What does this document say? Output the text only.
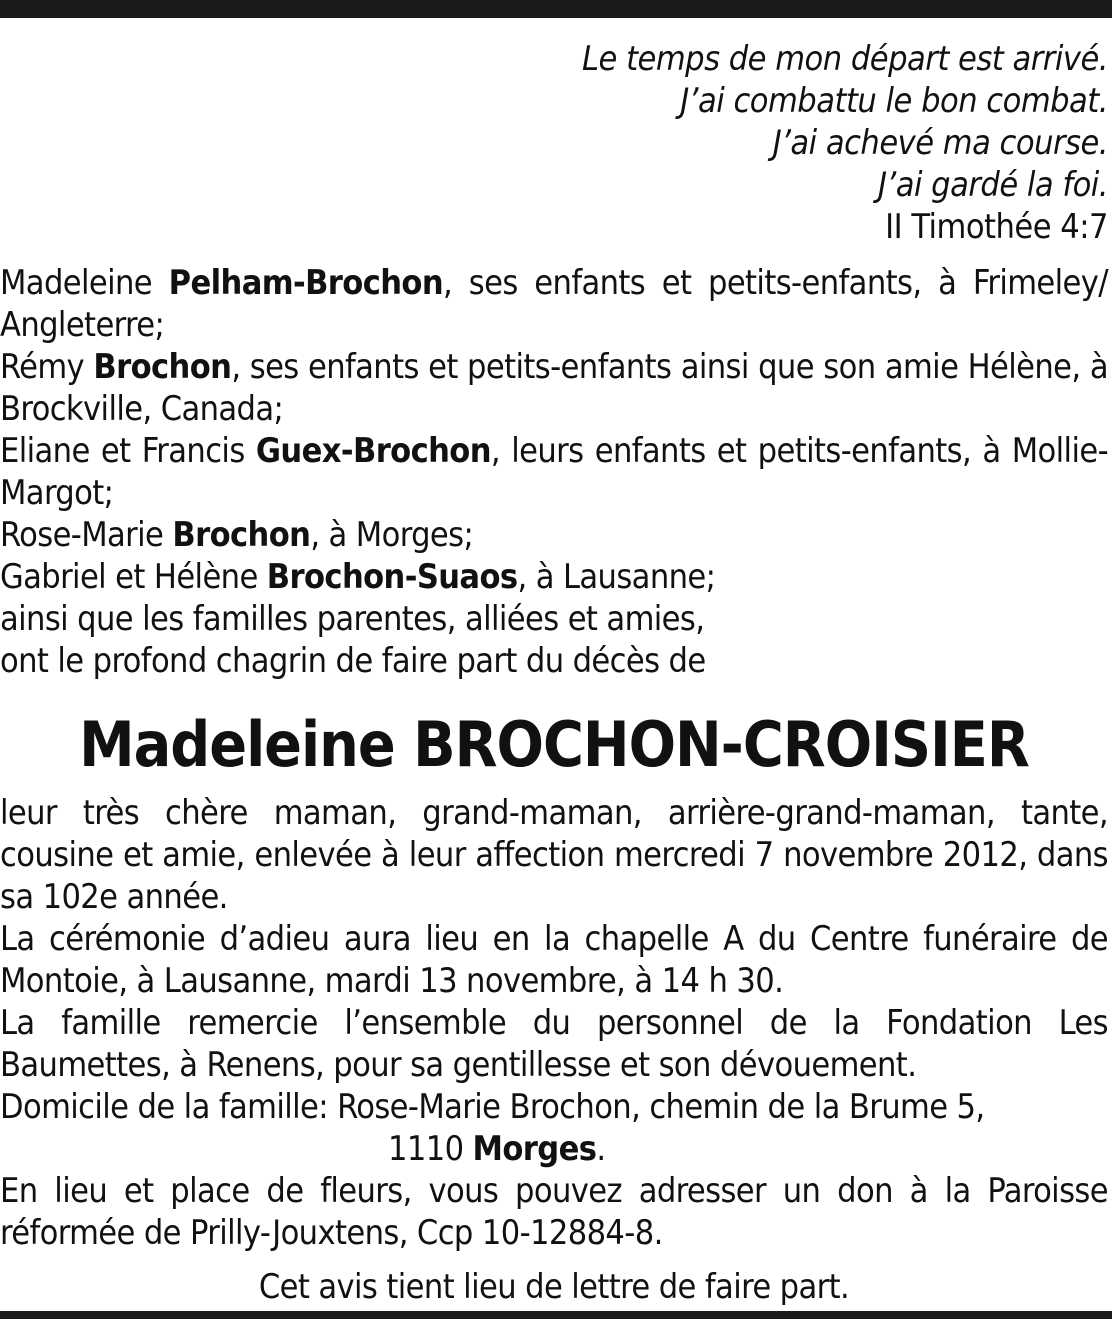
Le temps de mon départ est arrivé.
J’ai combattu le bon combat.
J’ai achevé ma course.
J’ai gardé la foi.
II Timothée 4:7
Madeleine Pelham-Brochon, ses enfants et petits-enfants, à Frimeley/ Angleterre;
Rémy Brochon, ses enfants et petits-enfants ainsi que son amie Hélène, à Brockville, Canada;
Eliane et Francis Guex-Brochon, leurs enfants et petits-enfants, à Mollie-Margot;
Rose-Marie Brochon, à Morges;
Gabriel et Hélène Brochon-Suaos, à Lausanne;
ainsi que les familles parentes, alliées et amies,
ont le profond chagrin de faire part du décès de
Madeleine BROCHON-CROISIER
leur très chère maman, grand-maman, arrière-grand-maman, tante, cousine et amie, enlevée à leur affection mercredi 7 novembre 2012, dans sa 102e année.
La cérémonie d’adieu aura lieu en la chapelle A du Centre funéraire de Montoie, à Lausanne, mardi 13 novembre, à 14 h 30.
La famille remercie l’ensemble du personnel de la Fondation Les Baumettes, à Renens, pour sa gentillesse et son dévouement.
Domicile de la famille: Rose-Marie Brochon, chemin de la Brume 5,
1110 Morges.
En lieu et place de fleurs, vous pouvez adresser un don à la Paroisse réformée de Prilly-Jouxtens, Ccp 10-12884-8.
Cet avis tient lieu de lettre de faire part.
